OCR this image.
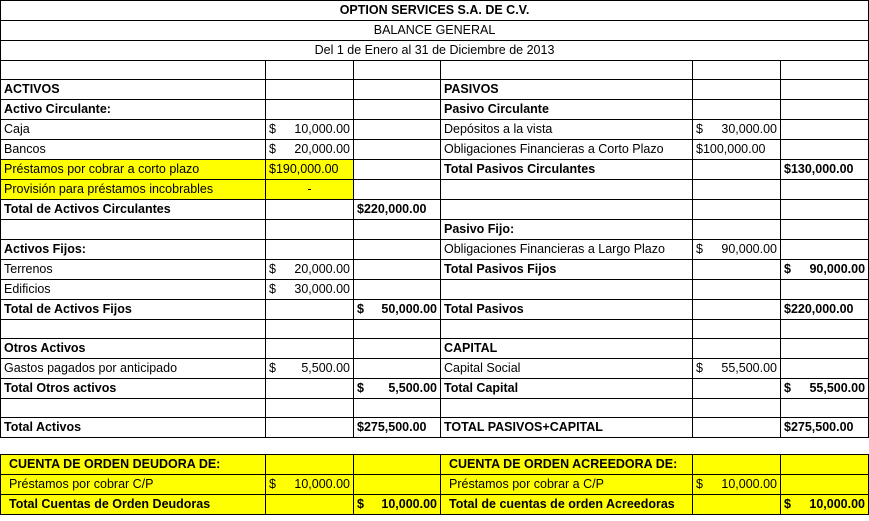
OPTION SERVICES S.A. DE C.V.					
BALANCE GENERAL					
Del 1 de Enero al 31 de Diciembre de 2013					

ACTIVOS			PASIVOS		
Activo Circulante:			Pasivo Circulante		
Caja	$ 10,000.00		Depósitos a la vista	$ 30,000.00	

Bancos	$ 20,000.00		Obligaciones Financieras a Corto Plazo	$100,000.00	
Préstamos por cobrar a corto plazo	$190,000.00		Total Pasivos Circulantes		$130,000.00
Provisión para préstamos incobrables	-				
Total de Activos Circulantes		$220,000.00			
			Pasivo Fijo:		
Activos Fijos:			Obligaciones Financieras a Largo Plazo	$ 90,000.00	

Terrenos	$ 20,000.00		Total Pasivos Fijos		$ 90,000.00

Edificios	$ 30,000.00				

Total de Activos Fijos		$ 50,000.00	Total Pasivos		$220,000.00

Otros Activos			CAPITAL		
Gastos pagados por anticipado	$ 5,500.00		Capital Social	$ 55,500.00	

Total Otros activos		$ 5,500.00	Total Capital		$ 55,500.00

Total Activos		$275,500.00	TOTAL PASIVOS+CAPITAL		$275,500.00
CUENTA DE ORDEN DEUDORA DE:			CUENTA DE ORDEN ACREEDORA DE:		
Préstamos por cobrar C/P	$ 10,000.00		Préstamos por cobrar a C/P	$ 10,000.00	

Total Cuentas de Orden Deudoras		$ 10,000.00	Total de cuentas de orden Acreedoras		$ 10,000.00
